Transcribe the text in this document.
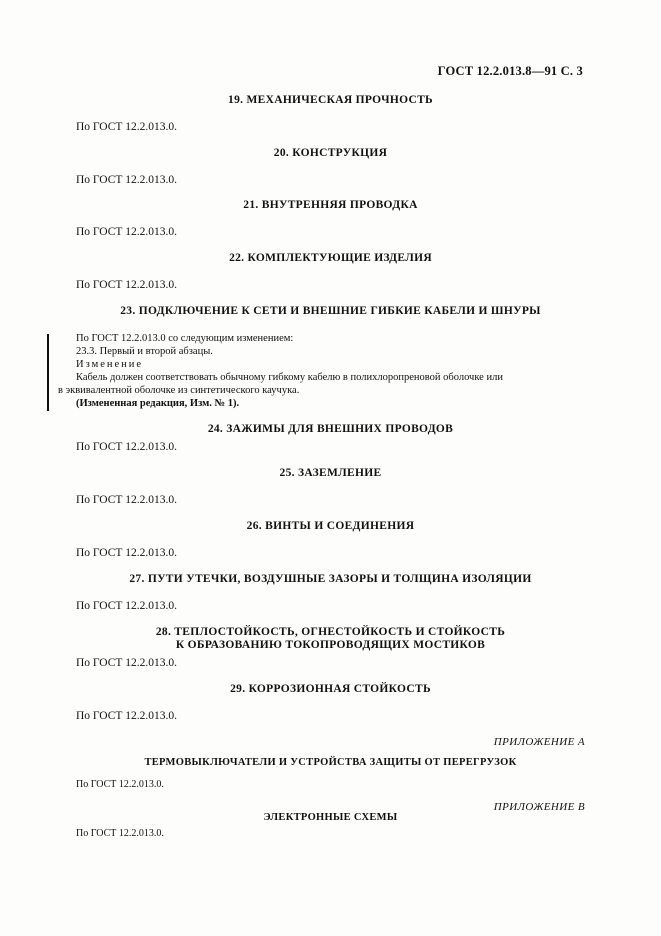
ГОСТ 12.2.013.8—91 С. 3
19. МЕХАНИЧЕСКАЯ ПРОЧНОСТЬ
По ГОСТ 12.2.013.0.
20. КОНСТРУКЦИЯ
По ГОСТ 12.2.013.0.
21. ВНУТРЕННЯЯ ПРОВОДКА
По ГОСТ 12.2.013.0.
22. КОМПЛЕКТУЮЩИЕ ИЗДЕЛИЯ
По ГОСТ 12.2.013.0.
23. ПОДКЛЮЧЕНИЕ К СЕТИ И ВНЕШНИЕ ГИБКИЕ КАБЕЛИ И ШНУРЫ
По ГОСТ 12.2.013.0 со следующим изменением:
23.3. Первый и второй абзацы.
Изменение
Кабель должен соответствовать обычному гибкому кабелю в полихлоропреновой оболочке или
в эквивалентной оболочке из синтетического каучука.
(Измененная редакция, Изм. № 1).
24. ЗАЖИМЫ ДЛЯ ВНЕШНИХ ПРОВОДОВ
По ГОСТ 12.2.013.0.
25. ЗАЗЕМЛЕНИЕ
По ГОСТ 12.2.013.0.
26. ВИНТЫ И СОЕДИНЕНИЯ
По ГОСТ 12.2.013.0.
27. ПУТИ УТЕЧКИ, ВОЗДУШНЫЕ ЗАЗОРЫ И ТОЛЩИНА ИЗОЛЯЦИИ
По ГОСТ 12.2.013.0.
28. ТЕПЛОСТОЙКОСТЬ, ОГНЕСТОЙКОСТЬ И СТОЙКОСТЬ
К ОБРАЗОВАНИЮ ТОКОПРОВОДЯЩИХ МОСТИКОВ
По ГОСТ 12.2.013.0.
29. КОРРОЗИОННАЯ СТОЙКОСТЬ
По ГОСТ 12.2.013.0.
ПРИЛОЖЕНИЕ А
ТЕРМОВЫКЛЮЧАТЕЛИ И УСТРОЙСТВА ЗАЩИТЫ ОТ ПЕРЕГРУЗОК
По ГОСТ 12.2.013.0.
ПРИЛОЖЕНИЕ В
ЭЛЕКТРОННЫЕ СХЕМЫ
По ГОСТ 12.2.013.0.
